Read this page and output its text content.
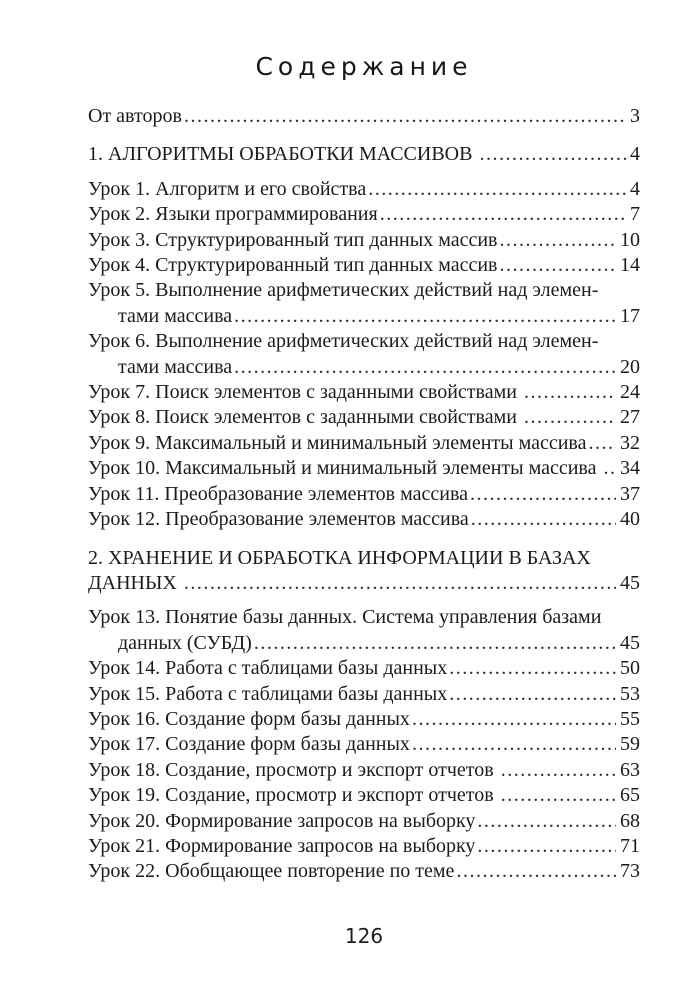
Содержание
От авторов .....	3
1. АЛГОРИТМЫ ОБРАБОТКИ МАССИВОВ .....	4
Урок 1. Алгоритм и его свойства .....	4
Урок 2. Языки программирования .....	7
Урок 3. Структурированный тип данных массив .....	10
Урок 4. Структурированный тип данных массив .....	14
Урок 5. Выполнение арифметических действий над элемен-
тами массива .....	17
Урок 6. Выполнение арифметических действий над элемен-
тами массива .....	20
Урок 7. Поиск элементов с заданными свойствами .....	24
Урок 8. Поиск элементов с заданными свойствами .....	27
Урок 9. Максимальный и минимальный элементы массива ..... 32
Урок 10. Максимальный и минимальный элементы массива ..... 34
Урок 11. Преобразование элементов массива .....	37
Урок 12. Преобразование элементов массива .....	40
2. ХРАНЕНИЕ И ОБРАБОТКА ИНФОРМАЦИИ В БАЗАХ
ДАННЫХ .....	45
Урок 13. Понятие базы данных. Система управления базами
данных (СУБД) .....	45
Урок 14. Работа с таблицами базы данных .....	50
Урок 15. Работа с таблицами базы данных .....	53
Урок 16. Создание форм базы данных .....	55
Урок 17. Создание форм базы данных .....	59
Урок 18. Создание, просмотр и экспорт отчетов .....	63
Урок 19. Создание, просмотр и экспорт отчетов .....	65
Урок 20. Формирование запросов на выборку .....	68
Урок 21. Формирование запросов на выборку .....	71
Урок 22. Обобщающее повторение по теме .....	73
126
